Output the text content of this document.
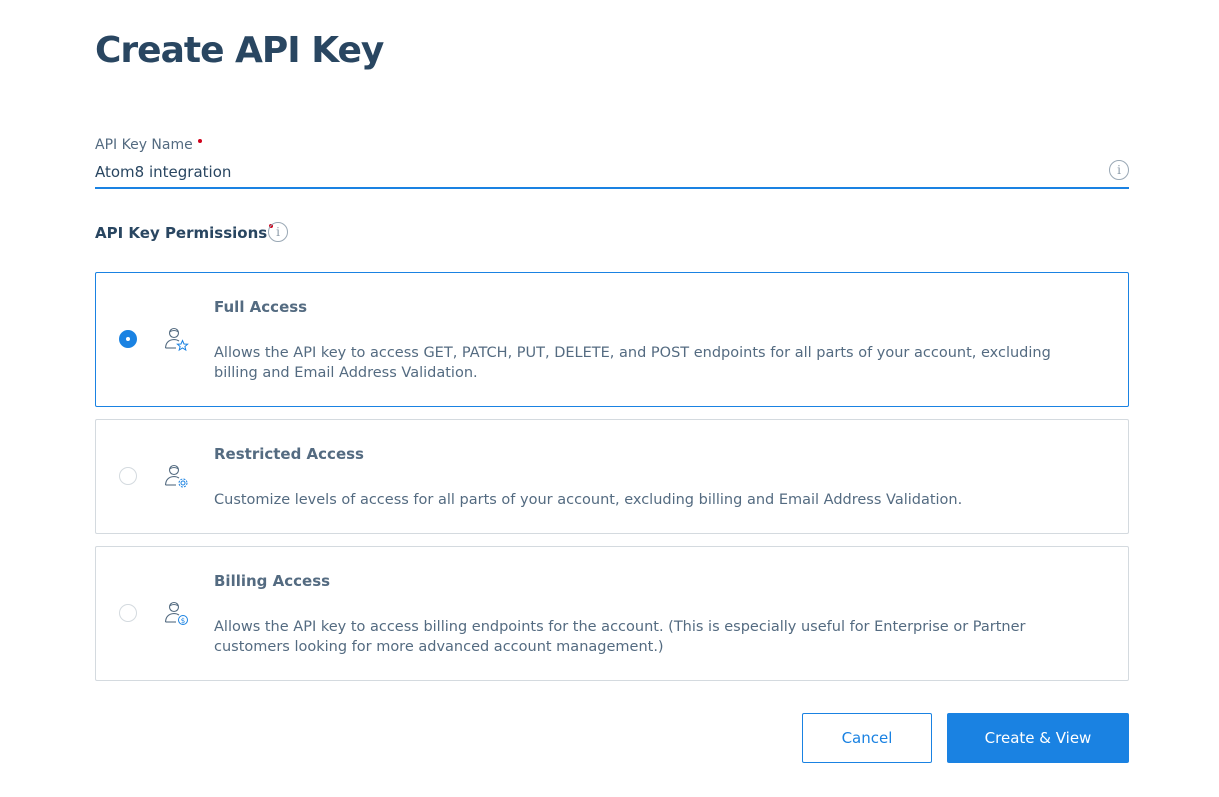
Create API Key
API Key Name
Atom8 integration
i
API Key Permissions i
Full Access
Allows the API key to access GET, PATCH, PUT, DELETE, and POST endpoints for all parts of your account, excluding billing and Email Address Validation.
Restricted Access
Customize levels of access for all parts of your account, excluding billing and Email Address Validation.
$
Billing Access
Allows the API key to access billing endpoints for the account. (This is especially useful for Enterprise or Partner customers looking for more advanced account management.)
Cancel	Create & View
